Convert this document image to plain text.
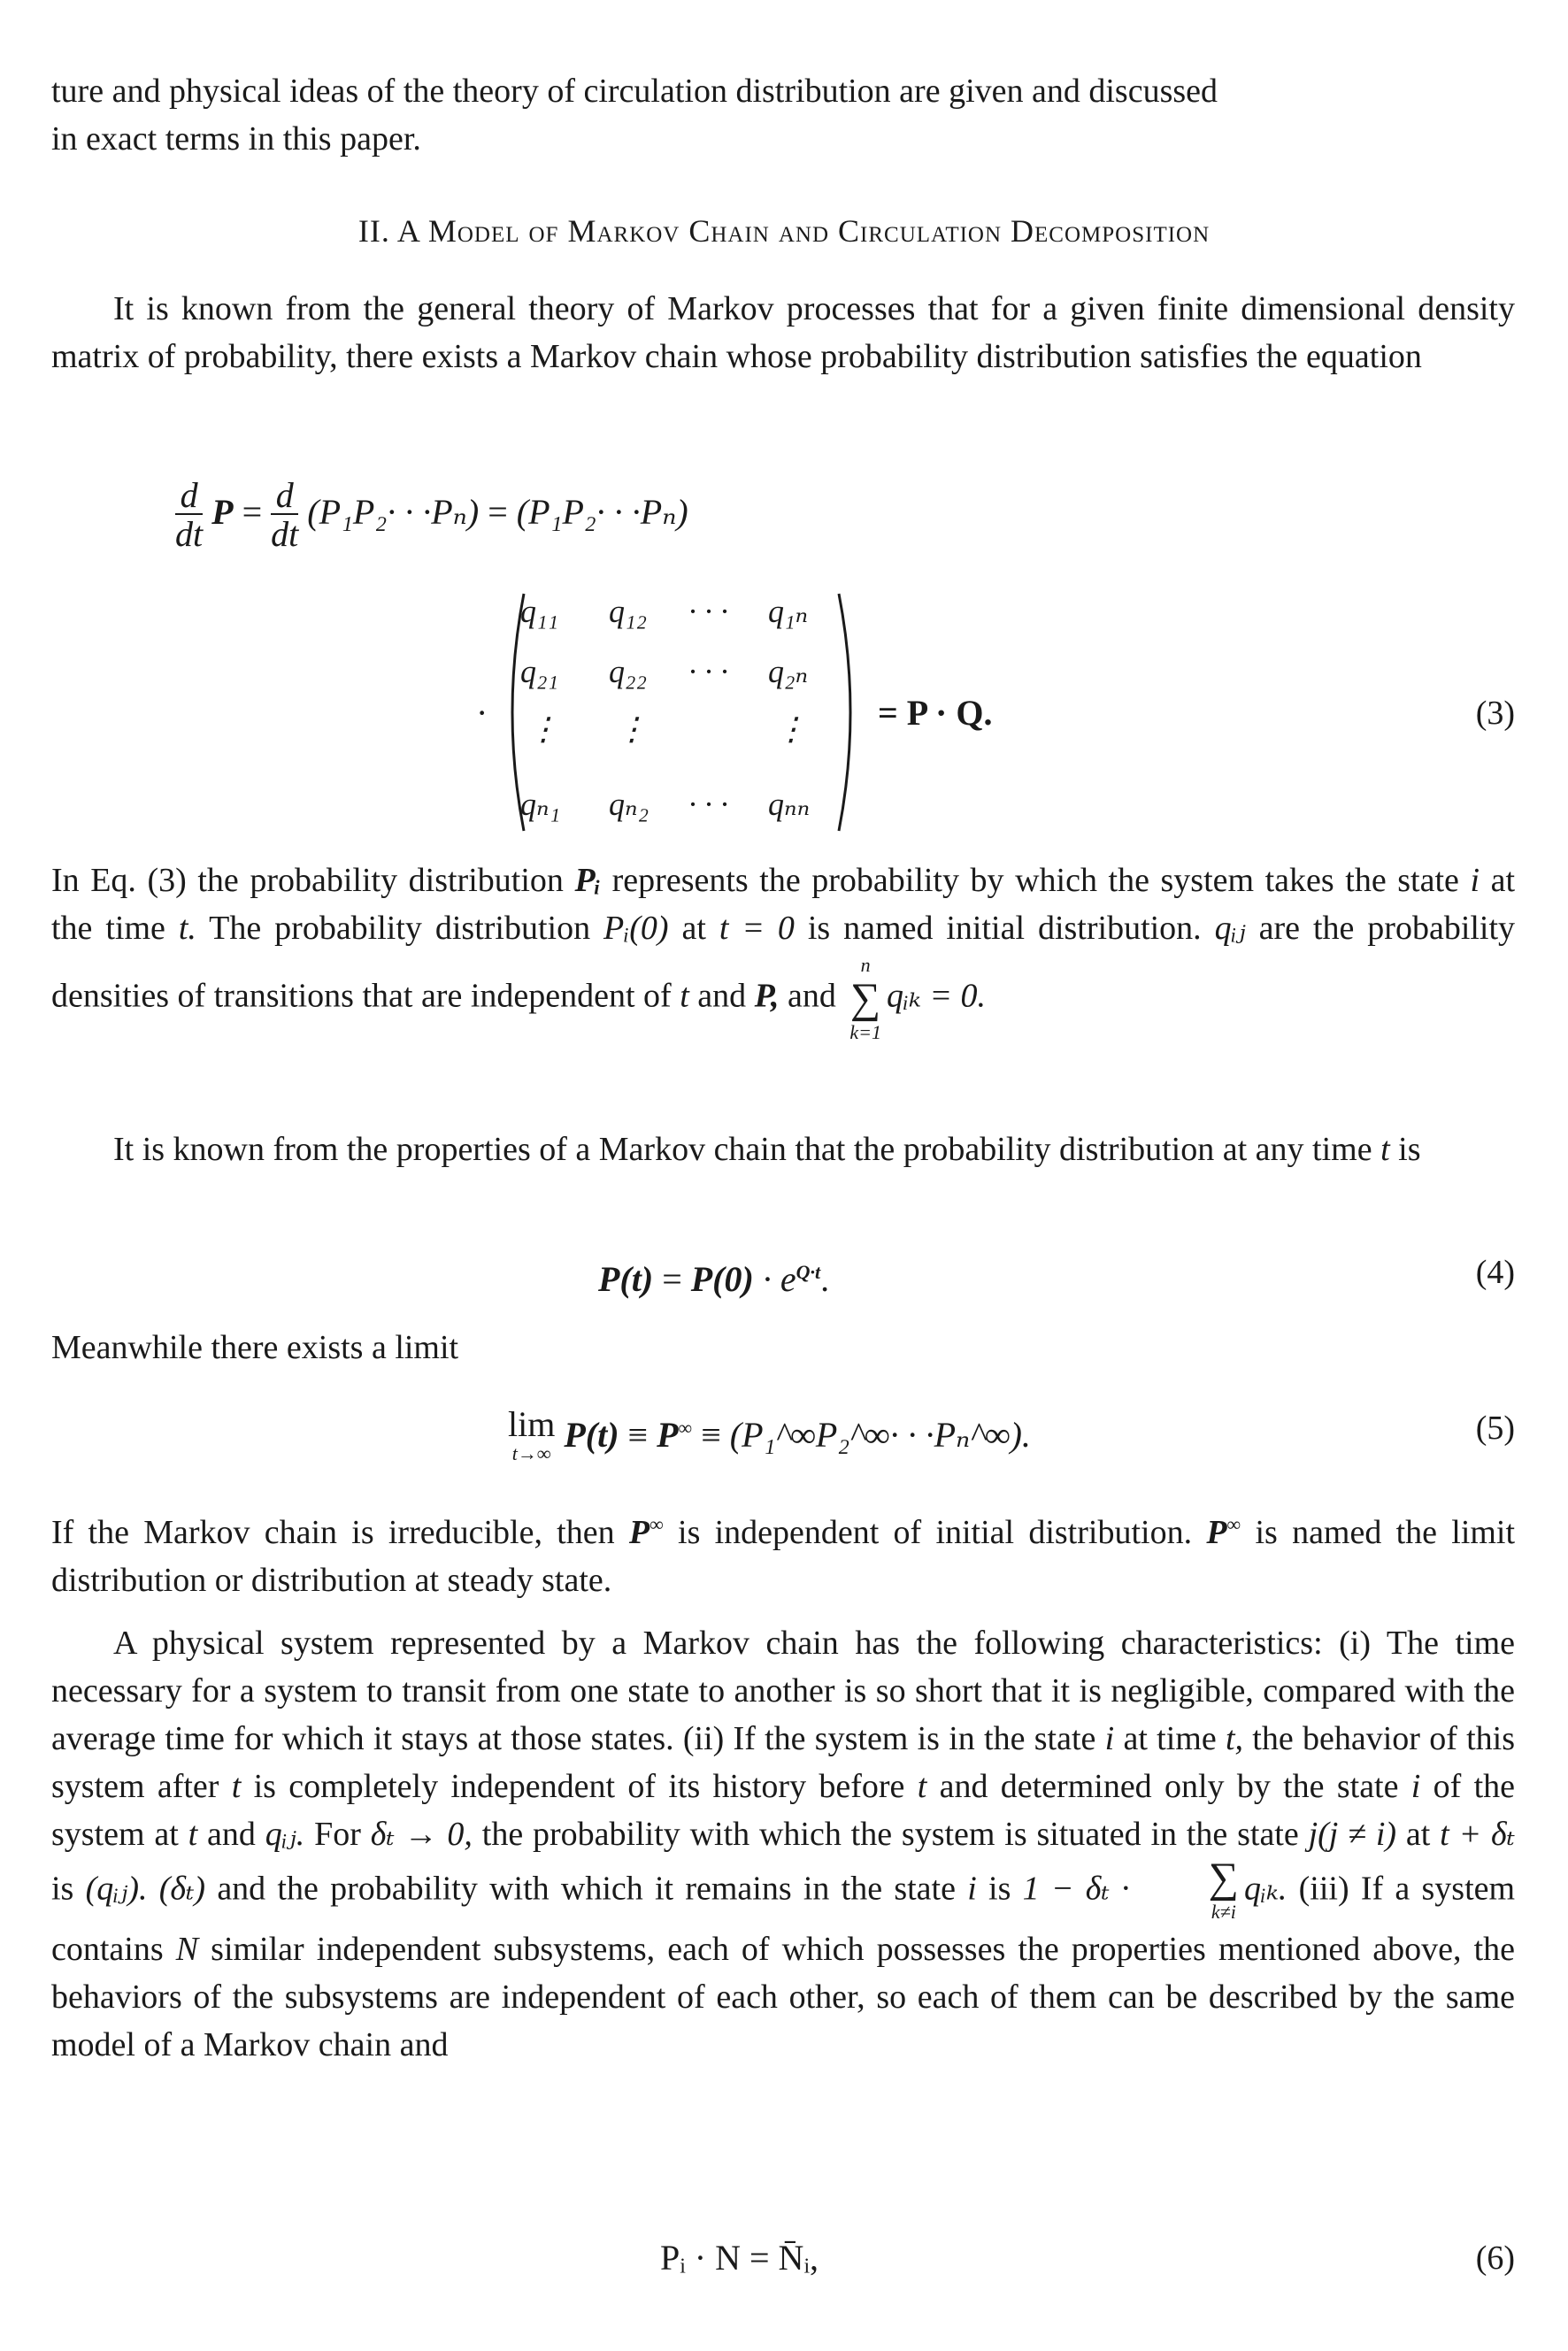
ture and physical ideas of the theory of circulation distribution are given and discussed
in exact terms in this paper.

II. A Model of Markov Chain and Circulation Decomposition

It is known from the general theory of Markov processes that for a given finite dimensional density matrix of probability, there exists a Markov chain whose probability distribution satisfies the equation

$\frac{d}{dt}$ $P = \frac{d}{dt} (P_1P_2\cdot \cdot \cdot P_n) = (P_1P_2\cdot \cdot \cdot P_n)$
·
q₁₁ q₁₂ · · · q₁ₙ
q₂₁ q₂₂ · · · q₂ₙ
⋮ ⋮	⋮
qₙ₁ qₙ₂ · · · qₙₙ
= P · Q.	(3)

In Eq. (3) the probability distribution Pᵢ represents the probability by which the system takes the state i at the time t. The probability distribution Pᵢ(0) at t = 0 is named initial distribution. qᵢⱼ are the probability densities of transitions that are independent of t and P, and
n
∑
k=1
qᵢₖ = 0.

It is known from the properties of a Markov chain that the probability distribution at any time t is

$P(t) = P(0) \cdot e^{Q\cdot t}$.	(4)

Meanwhile there exists a limit

lim
t→∞ P(t) ≡ P∞ ≡ (P₁^∞P₂^∞· · ·Pₙ^∞).	(5)

If the Markov chain is irreducible, then P∞ is independent of initial distribution. P∞ is named the limit distribution or distribution at steady state.

A physical system represented by a Markov chain has the following characteristics: (i) The time necessary for a system to transit from one state to another is so short that it is negligible, compared with the average time for which it stays at those states. (ii) If the system is in the state i at time t, the behavior of this system after t is completely independent of its history before t and determined only by the state i of the system at t and qᵢⱼ. For δₜ → 0, the probability with which the system is situated in the state j(j ≠ i) at t + δₜ is (qᵢⱼ). (δₜ) and the probability with which it remains in the state i is 1 − δₜ ·	∑
k≠i
qᵢₖ. (iii) If a system contains N similar independent subsystems, each of which possesses the properties mentioned above, the behaviors of the subsystems are independent of each other, so each of them can be described by the same model of a Markov chain and

Pᵢ · N = N̄ᵢ,	(6)
